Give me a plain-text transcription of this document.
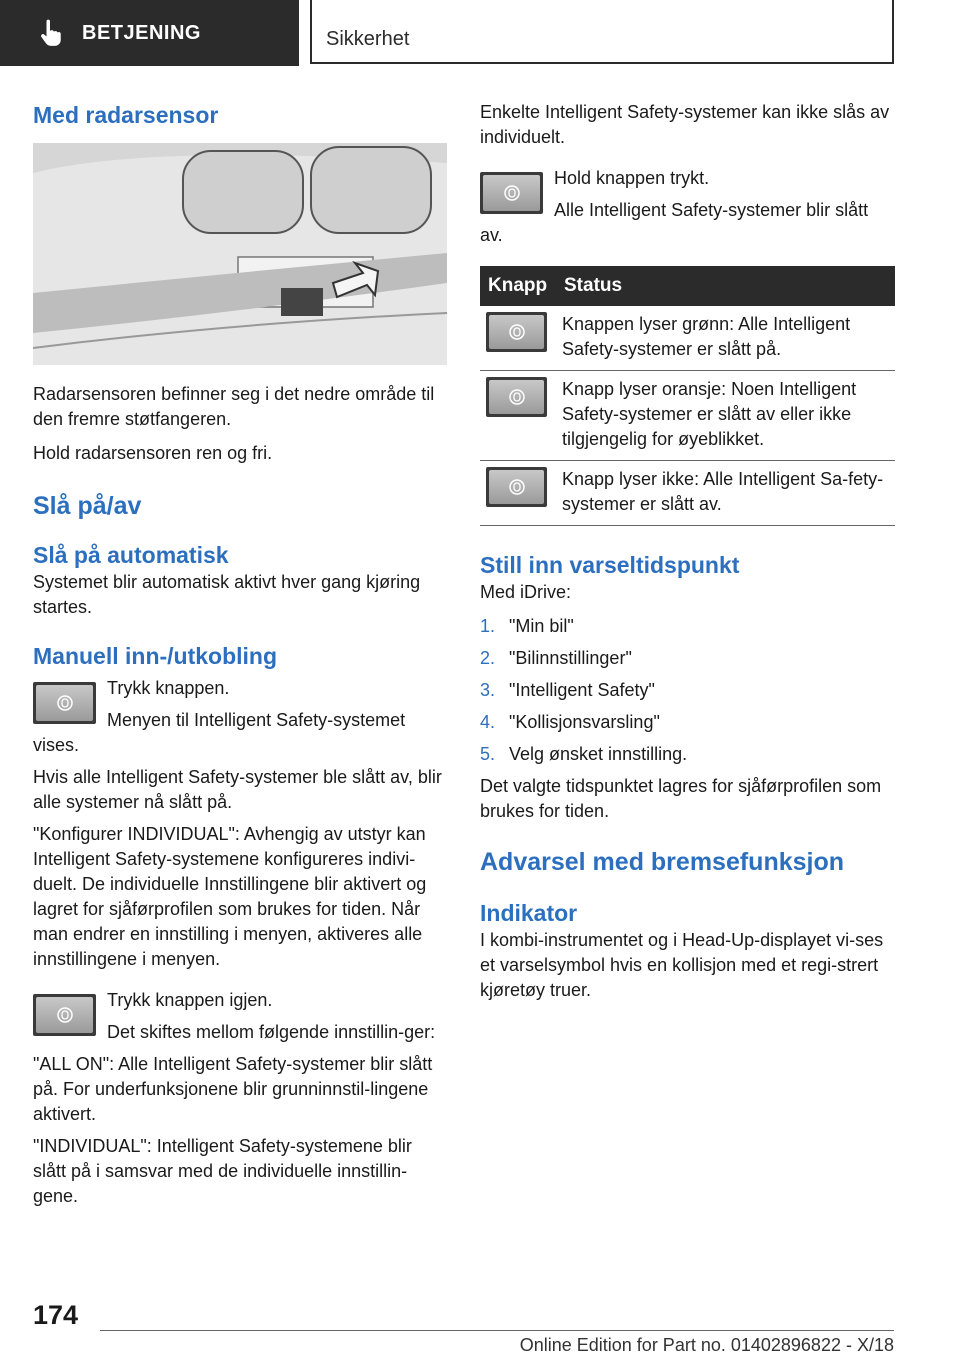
BETJENING	Sikkerhet
Med radarsensor

Radarsensoren befinner seg i det nedre område til den fremre støtfangeren.

Hold radarsensoren ren og fri.

Slå på/av
Slå på automatisk

Systemet blir automatisk aktivt hver gang kjøring startes.

Manuell inn-/utkobling

Trykk knappen.

Menyen til Intelligent Safety-systemet vises.

Hvis alle Intelligent Safety-systemer ble slått av, blir alle systemer nå slått på.

"Konfigurer INDIVIDUAL": Avhengig av utstyr kan Intelligent Safety-systemene konfigureres indivi-duelt. De individuelle Innstillingene blir aktivert og lagret for sjåførprofilen som brukes for tiden. Når man endrer en innstilling i menyen, aktiveres alle innstillingene i menyen.

Trykk knappen igjen.

Det skiftes mellom følgende innstillin-ger:

"ALL ON": Alle Intelligent Safety-systemer blir slått på. For underfunksjonene blir grunninnstil-lingene aktivert.

"INDIVIDUAL": Intelligent Safety-systemene blir slått på i samsvar med de individuelle innstillin-gene.

Enkelte Intelligent Safety-systemer kan ikke slås av individuelt.

Hold knappen trykt.

Alle Intelligent Safety-systemer blir slått av.

Knapp	Status

	Knappen lyser grønn: Alle Intelligent Safety-systemer er slått på.

	Knapp lyser oransje: Noen Intelligent Safety-systemer er slått av eller ikke tilgjengelig for øyeblikket.

	Knapp lyser ikke: Alle Intelligent Sa-fety-systemer er slått av.
Still inn varseltidspunkt

Med iDrive:

1. "Min bil"
2. "Bilinnstillinger"
3. "Intelligent Safety"
4. "Kollisjonsvarsling"
5. Velg ønsket innstilling.

Det valgte tidspunktet lagres for sjåførprofilen som brukes for tiden.

Advarsel med bremsefunksjon
Indikator

I kombi-instrumentet og i Head-Up-displayet vi-ses et varselsymbol hvis en kollisjon med et regi-strert kjøretøy truer.

174
Online Edition for Part no. 01402896822 - X/18
